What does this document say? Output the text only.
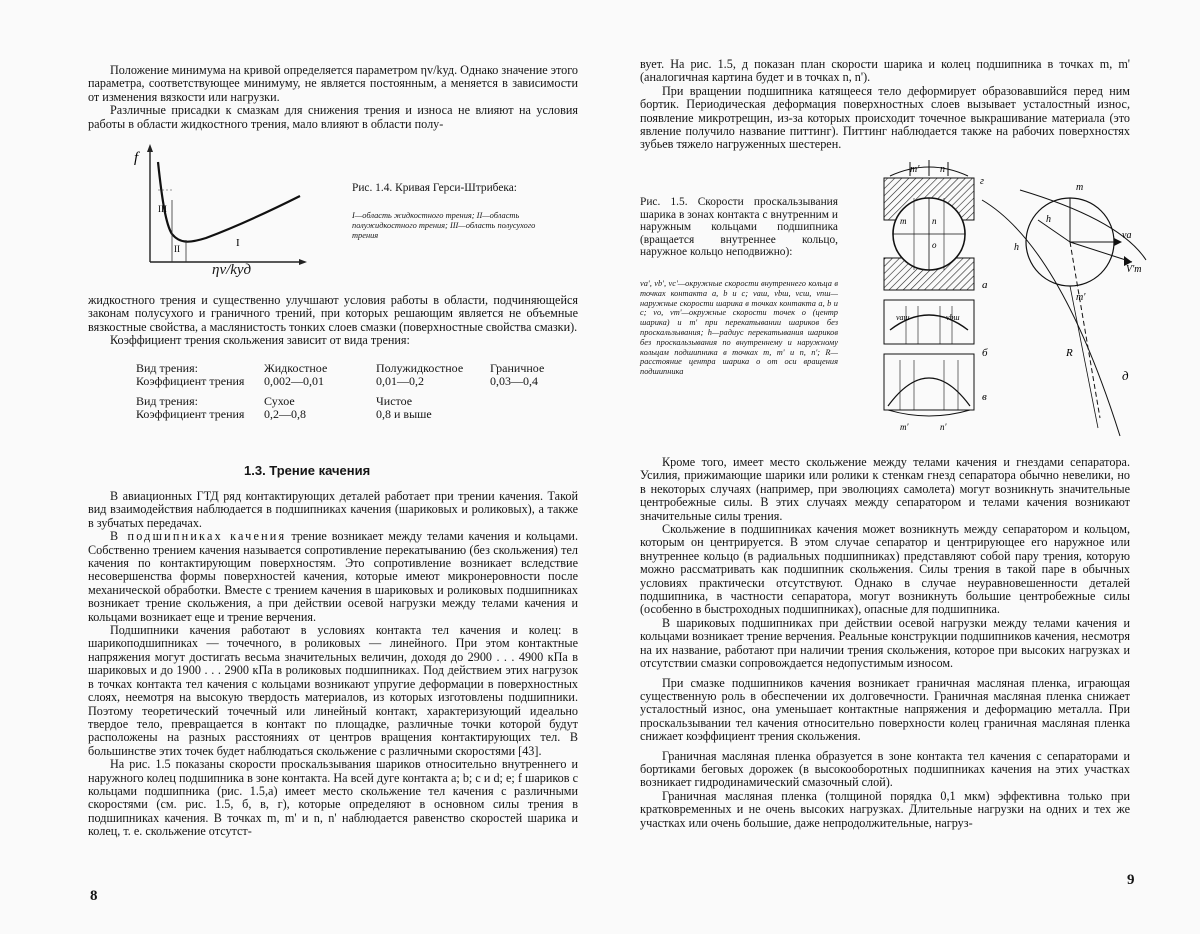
Положение минимума на кривой определяется параметром ηv/kуд. Однако значение этого параметра, соответствующее минимуму, не является постоянным, а меняется в зависимости от изменения вязкости или нагрузки.

Различные присадки к смазкам для снижения трения и износа не влияют на условия работы в области жидкостного трения, мало влияют в области полу-

f
III
II	I
ηv/kуд
Рис. 1.4. Кривая Герси-Штрибека:
I—область жидкостного трения; II—область полужидкостного трения; III—область полусухого трения

жидкостного трения и существенно улучшают условия работы в области, подчиняющейся законам полусухого и граничного трений, при которых решающим является не объемные вязкостные свойства, а маслянистость тонких слоев смазки (поверхностные свойства смазки).

Коэффициент трения скольжения зависит от вида трения:

Вид трения:	Жидкостное	Полужидкостное	Граничное
Коэффициент трения	0,002—0,01	0,01—0,2	0,03—0,4

Вид трения:	Сухое	Чистое	
Коэффициент трения	0,2—0,8	0,8 и выше	
1.3. Трение качения

В авиационных ГТД ряд контактирующих деталей работает при трении качения. Такой вид взаимодействия наблюдается в подшипниках качения (шариковых и роликовых), а также в зубчатых передачах.

В подшипниках качения трение возникает между телами качения и кольцами. Собственно трением качения называется сопротивление перекатыванию (без скольжения) тел качения по контактирующим поверхностям. Это сопротивление возникает вследствие несовершенства формы поверхностей качения, которые имеют микронеровности после механической обработки. Вместе с трением качения в шариковых и роликовых подшипниках возникает трение скольжения, а при действии осевой нагрузки между телами качения и кольцами возникает еще и трение верчения.

Подшипники качения работают в условиях контакта тел качения и колец: в шарикоподшипниках — точечного, в роликовых — линейного. При этом контактные напряжения могут достигать весьма значительных величин, доходя до 2900 . . . 4900 кПа в шариковых и до 1900 . . . 2900 кПа в роликовых подшипниках. Под действием этих нагрузок в точках контакта тел качения с кольцами возникают упругие деформации в поверхностных слоях, неемотря на высокую твердость материалов, из которых изготовлены подшипники. Поэтому теоретический точечный или линейный контакт, характеризующий идеально твердое тело, превращается в контакт по площадке, различные точки которой будут расположены на разных расстояниях от центров вращения контактирующих тел. В большинстве этих точек будет наблюдаться скольжение с различными скоростями [43].

На рис. 1.5 показаны скорости проскальзывания шариков относительно внутреннего и наружного колец подшипника в зоне контакта. На всей дуге контакта a; b; c и d; e; f шариков с кольцами подшипника (рис. 1.5,a) имеет место скольжение тел качения с различными скоростями (см. рис. 1.5, б, в, г), которые определяют в основном силы трения в подшипниках качения. В точках m, m' и n, n' наблюдается равенство скоростей шарика и колец, т. е. скольжение отсутст-

8

вует. На рис. 1.5, д показан план скорости шарика и колец подшипника в точках m, m' (аналогичная картина будет и в точках n, n').

При вращении подшипника катящееся тело деформирует образовавшийся перед ним бортик. Периодическая деформация поверхностных слоев вызывает усталостный износ, появление микротрещин, из-за которых происходит точечное выкрашивание материала (это явление получило название питтинг). Питтинг наблюдается также на рабочих поверхностях зубьев тяжело нагруженных шестерен.

Рис. 1.5. Скорости проскальзывания шарика в зонах контакта с внутренним и наружным кольцами подшипника (вращается внутреннее кольцо, наружное кольцо неподвижно):
vа', vb', vc'—окружные скорости внутреннего кольца в точках контакта a, b и c; vаш, vbш, vcш, vnш—наружные скорости шарика в точках контакта a, b и c; vо, vm'—окружные скорости точек o (центр шарика) и m' при перекатывании шариков без проскальзывания; h—радиус перекатывания шариков без проскальзывания по внутреннему и наружному кольцам подшипника в точках m, m' и n, n'; R—расстояние центра шарика о от оси вращения подшипника
m' n
г
m	n
o
a
б
в
vаш	vbш
m'	n'
m
h
h
vа
V'm
m'
R
д

Кроме того, имеет место скольжение между телами качения и гнездами сепаратора. Усилия, прижимающие шарики или ролики к стенкам гнезд сепаратора обычно невелики, но в некоторых случаях (например, при эволюциях самолета) могут возникнуть значительные центробежные силы. В этих случаях между сепаратором и телами качения возникают значительные силы трения.

Скольжение в подшипниках качения может возникнуть между сепаратором и кольцом, которым он центрируется. В этом случае сепаратор и центрирующее его наружное или внутреннее кольцо (в радиальных подшипниках) представляют собой пару трения, которую можно рассматривать как подшипник скольжения. Силы трения в такой паре в обычных условиях практически отсутствуют. Однако в случае неуравновешенности деталей подшипника, в частности сепаратора, могут возникнуть большие центробежные силы (особенно в быстроходных подшипниках), опасные для подшипника.

В шариковых подшипниках при действии осевой нагрузки между телами качения и кольцами возникает трение верчения. Реальные конструкции подшипников качения, несмотря на их название, работают при наличии трения скольжения, которое при высоких нагрузках и отсутствии смазки сопровождается недопустимым износом.

При смазке подшипников качения возникает граничная масляная пленка, играющая существенную роль в обеспечении их долговечности. Граничная масляная пленка снижает усталостный износ, она уменьшает контактные напряжения и деформацию металла. При проскальзывании тел качения относительно поверхности колец граничная масляная пленка снижает коэффициент трения скольжения.

Граничная масляная пленка образуется в зоне контакта тел качения с сепараторами и бортиками беговых дорожек (в высокооборотных подшипниках качения на этих участках возникает гидродинамический смазочный слой).

Граничная масляная пленка (толщиной порядка 0,1 мкм) эффективна только при кратковременных и не очень высоких нагрузках. Длительные нагрузки на одних и тех же участках или очень большие, даже непродолжительные, нагруз-

9
